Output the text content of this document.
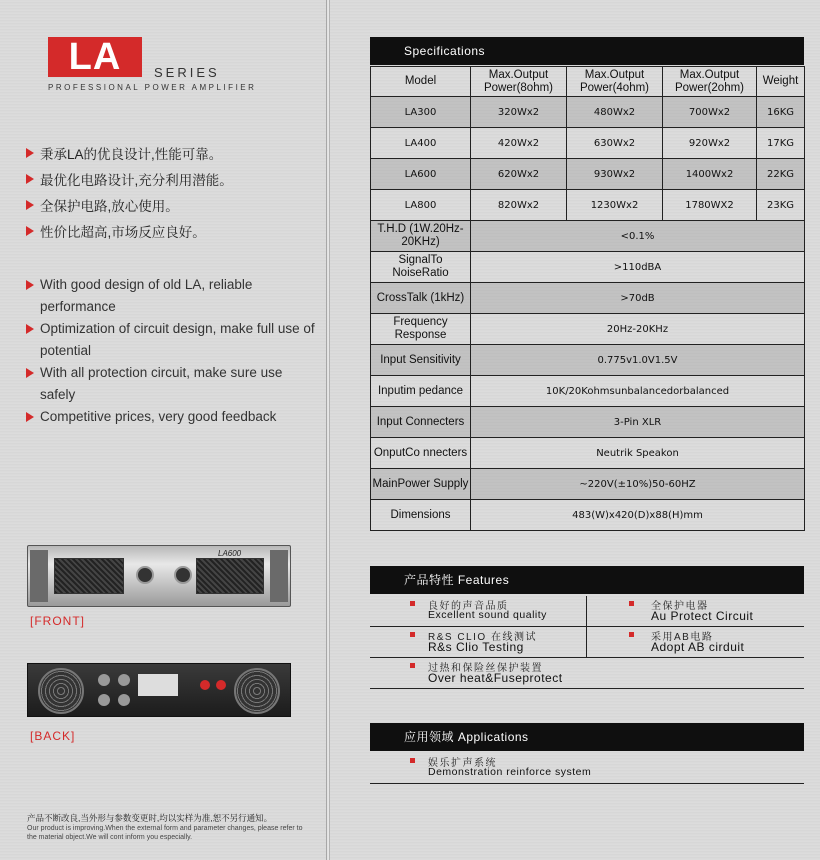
LA	SERIES
PROFESSIONAL POWER AMPLIFIER
秉承LA的优良设计,性能可靠。
最优化电路设计,充分利用潜能。
全保护电路,放心使用。
性价比超高,市场反应良好。
With good design of old LA, reliable performance
Optimization of circuit design, make full use of potential
With all protection circuit, make sure use safely
Competitive prices, very good feedback
LA600
[FRONT]
[BACK]
产品不断改良,当外形与参数变更时,均以实样为准,恕不另行通知。
Our product is improving.When the external form and parameter changes, please refer to the material object.We will cont inform you especially.
Specifications
Model	Max.Output Power(8ohm)	Max.Output Power(4ohm)	Max.Output Power(2ohm)	Weight
LA300	320Wx2	480Wx2	700Wx2	16KG
LA400	420Wx2	630Wx2	920Wx2	17KG
LA600	620Wx2	930Wx2	1400Wx2	22KG
LA800	820Wx2	1230Wx2	1780WX2	23KG
T.H.D (1W.20Hz-20KHz)	<0.1%			
SignalTo NoiseRatio	>110dBA			
CrossTalk (1kHz)	>70dB			
Frequency Response	20Hz-20KHz			
Input Sensitivity	0.775v1.0V1.5V			
Inputim pedance	10K/20Kohmsunbalancedorbalanced			
Input Connecters	3-Pin XLR			
OnputCo nnecters	Neutrik Speakon			
MainPower Supply	~220V(±10%)50-60HZ			
Dimensions	483(W)x420(D)x88(H)mm			
产品特性 Features
良好的声音品质
Excellent sound quality
全保护电器
Au Protect Circuit
R&S CLIO 在线测试
R&s Clio Testing
采用AB电路
Adopt AB cirduit
过热和保险丝保护装置
Over heat&Fuseprotect
应用领域 Applications
娱乐扩声系统
Demonstration reinforce system
